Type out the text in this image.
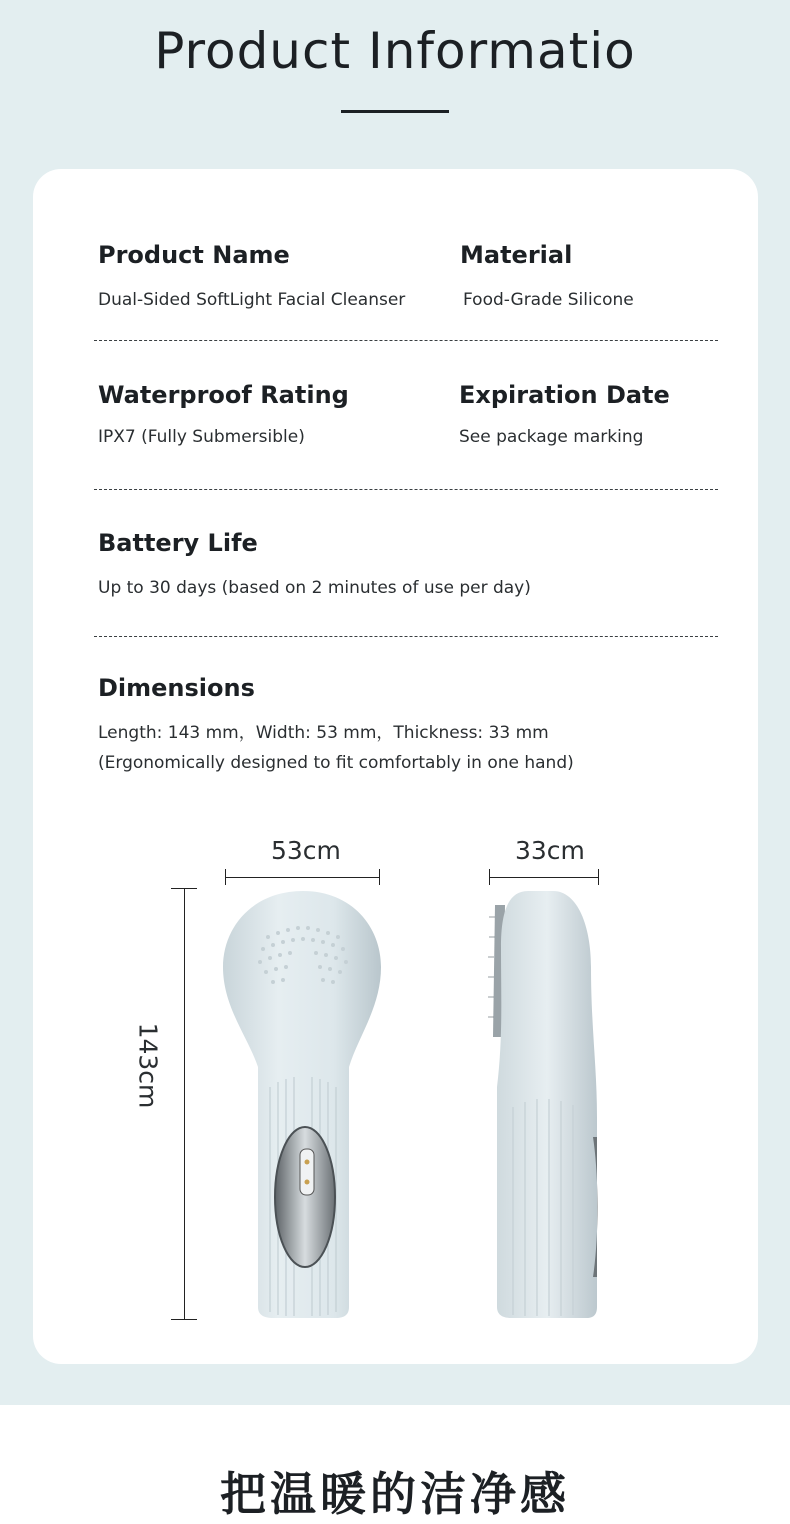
Product Informatio
Product Name

Dual-Sided SoftLight Facial Cleanser

Material

Food-Grade Silicone

Waterproof Rating

IPX7 (Fully Submersible)

Expiration Date

See package marking

Battery Life

Up to 30 days (based on 2 minutes of use per day)

Dimensions

Length: 143 mm，Width: 53 mm，Thickness: 33 mm

(Ergonomically designed to fit comfortably in one hand)

53cm	33cm
143cm
把温暖的洁净感
